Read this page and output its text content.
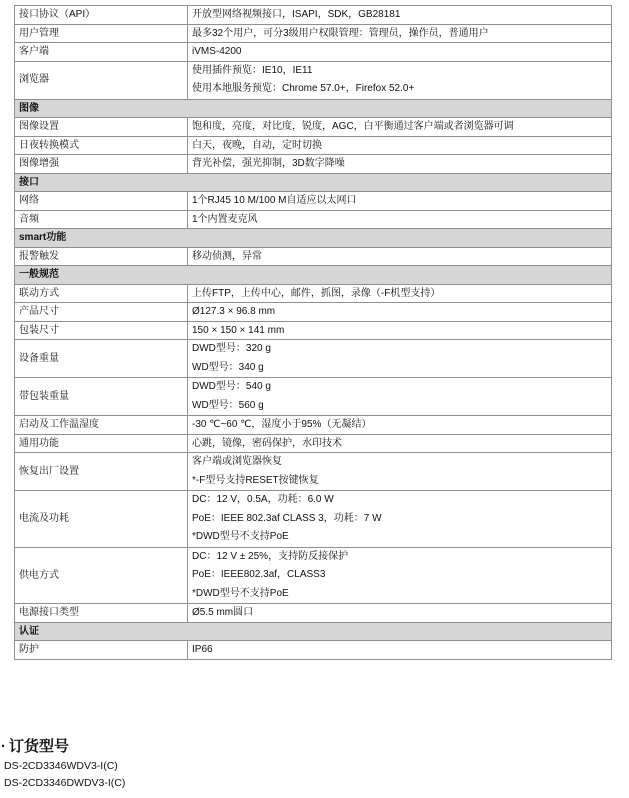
接口协议（API）	开放型网络视频接口，ISAPI，SDK，GB28181
用户管理	最多32个用户，可分3级用户权限管理：管理员，操作员，普通用户
客户端	iVMS-4200
浏览器	使用插件预览：IE10，IE11
使用本地服务预览：Chrome 57.0+，Firefox 52.0+

图像	
图像设置	饱和度，亮度，对比度，锐度，AGC，白平衡通过客户端或者浏览器可调
日夜转换模式	白天，夜晚，自动，定时切换
图像增强	背光补偿，强光抑制，3D数字降噪
接口	
网络	1个RJ45 10 M/100 M自适应以太网口
音频	1个内置麦克风
smart功能	
报警触发	移动侦测，异常
一般规范	
联动方式	上传FTP，上传中心，邮件，抓图，录像（-F机型支持）
产品尺寸	Ø127.3 × 96.8 mm
包装尺寸	150 × 150 × 141 mm
设备重量	DWD型号：320 g
WD型号：340 g

带包装重量	DWD型号：540 g
WD型号：560 g

启动及工作温湿度	-30 ℃~60 ℃，湿度小于95%（无凝结）
通用功能	心跳，镜像，密码保护，水印技术
恢复出厂设置	客户端或浏览器恢复
*-F型号支持RESET按键恢复

电流及功耗	DC：12 V，0.5A，功耗：6.0 W
PoE：IEEE 802.3af CLASS 3，功耗：7 W
*DWD型号不支持PoE

供电方式	DC：12 V ± 25%，支持防反接保护
PoE：IEEE802.3af，CLASS3
*DWD型号不支持PoE

电源接口类型	Ø5.5 mm圆口
认证	
防护	IP66
· 订货型号
DS-2CD3346WDV3-I(C)
DS-2CD3346DWDV3-I(C)
